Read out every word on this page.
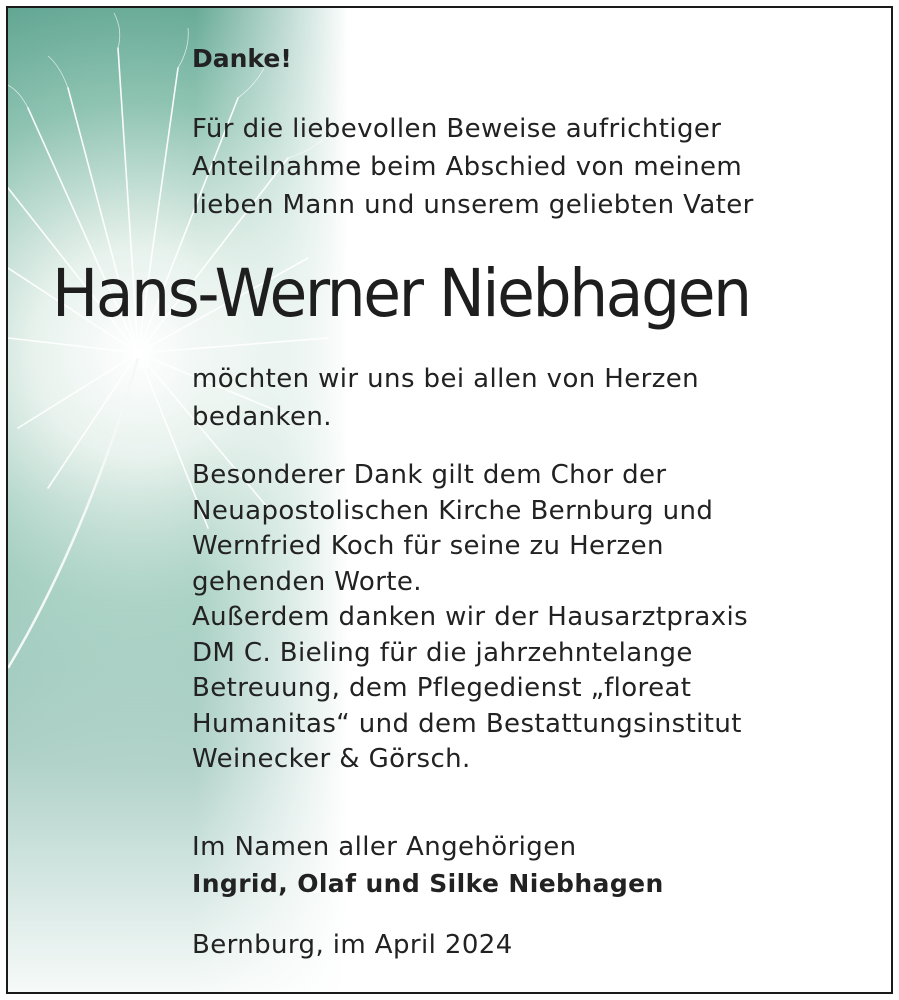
Danke!
Für die liebevollen Beweise aufrichtiger
Anteilnahme beim Abschied von meinem
lieben Mann und unserem geliebten Vater
Hans-Werner Niebhagen
möchten wir uns bei allen von Herzen
bedanken.
Besonderer Dank gilt dem Chor der
Neuapostolischen Kirche Bernburg und
Wernfried Koch für seine zu Herzen
gehenden Worte.
Außerdem danken wir der Hausarztpraxis
DM C. Bieling für die jahrzehntelange
Betreuung, dem Pflegedienst „floreat
Humanitas“ und dem Bestattungsinstitut
Weinecker & Görsch.
Im Namen aller Angehörigen
Ingrid, Olaf und Silke Niebhagen
Bernburg, im April 2024
